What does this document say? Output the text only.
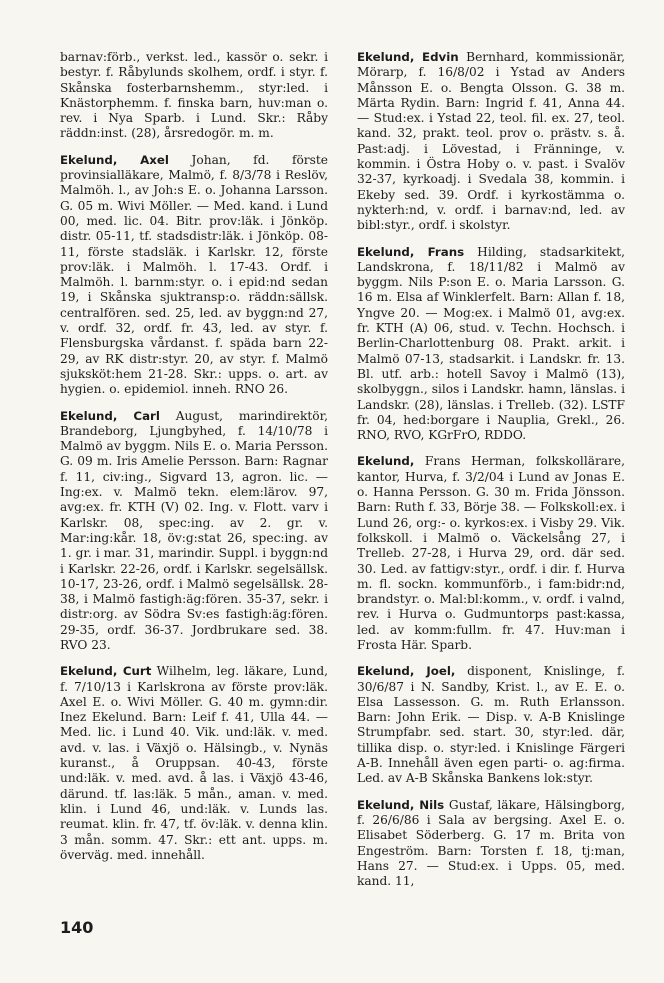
barnav:förb., verkst. led., kassör o. sekr. i bestyr. f. Råbylunds skolhem, ordf. i styr. f. Skånska fosterbarnshemm., styr:led. i Knästorphemm. f. finska barn, huv:man o. rev. i Nya Sparb. i Lund. Skr.: Råby räddn:inst. (28), årsredogör. m. m.

Ekelund, Axel Johan, fd. förste provinsialläkare, Malmö, f. 8/3/78 i Reslöv, Malmöh. l., av Joh:s E. o. Johanna Larsson. G. 05 m. Wivi Möller. — Med. kand. i Lund 00, med. lic. 04. Bitr. prov:läk. i Jönköp. distr. 05-11, tf. stadsdistr:läk. i Jönköp. 08-11, förste stadsläk. i Karlskr. 12, förste prov:läk. i Malmöh. l. 17-43. Ordf. i Malmöh. l. barnm:styr. o. i epid:nd sedan 19, i Skånska sjuktransp:o. räddn:sällsk. centralfören. sed. 25, led. av byggn:nd 27, v. ordf. 32, ordf. fr. 43, led. av styr. f. Flensburgska vårdanst. f. späda barn 22-29, av RK distr:styr. 20, av styr. f. Malmö sjuksköt:hem 21-28. Skr.: upps. o. art. av hygien. o. epidemiol. inneh. RNO 26.

Ekelund, Carl August, marindirektör, Brandeborg, Ljungbyhed, f. 14/10/78 i Malmö av byggm. Nils E. o. Maria Persson. G. 09 m. Iris Amelie Persson. Barn: Ragnar f. 11, civ:ing., Sigvard 13, agron. lic. — Ing:ex. v. Malmö tekn. elem:lärov. 97, avg:ex. fr. KTH (V) 02. Ing. v. Flott. varv i Karlskr. 08, spec:ing. av 2. gr. v. Mar:ing:kår. 18, öv:g:stat 26, spec:ing. av 1. gr. i mar. 31, marindir. Suppl. i byggn:nd i Karlskr. 22-26, ordf. i Karlskr. segelsällsk. 10-17, 23-26, ordf. i Malmö segelsällsk. 28-38, i Malmö fastigh:äg:fören. 35-37, sekr. i distr:org. av Södra Sv:es fastigh:äg:fören. 29-35, ordf. 36-37. Jordbrukare sed. 38. RVO 23.

Ekelund, Curt Wilhelm, leg. läkare, Lund, f. 7/10/13 i Karlskrona av förste prov:läk. Axel E. o. Wivi Möller. G. 40 m. gymn:dir. Inez Ekelund. Barn: Leif f. 41, Ulla 44. — Med. lic. i Lund 40. Vik. und:läk. v. med. avd. v. las. i Växjö o. Hälsingb., v. Nynäs kuranst., å Oruppsan. 40-43, förste und:läk. v. med. avd. å las. i Växjö 43-46, därund. tf. las:läk. 5 mån., aman. v. med. klin. i Lund 46, und:läk. v. Lunds las. reumat. klin. fr. 47, tf. öv:läk. v. denna klin. 3 mån. somm. 47. Skr.: ett ant. upps. m. överväg. med. innehåll.

Ekelund, Edvin Bernhard, kommissionär, Mörarp, f. 16/8/02 i Ystad av Anders Månsson E. o. Bengta Olsson. G. 38 m. Märta Rydin. Barn: Ingrid f. 41, Anna 44. — Stud:ex. i Ystad 22, teol. fil. ex. 27, teol. kand. 32, prakt. teol. prov o. prästv. s. å. Past:adj. i Lövestad, i Fränninge, v. kommin. i Östra Hoby o. v. past. i Svalöv 32-37, kyrkoadj. i Svedala 38, kommin. i Ekeby sed. 39. Ordf. i kyrkostämma o. nykterh:nd, v. ordf. i barnav:nd, led. av bibl:styr., ordf. i skolstyr.

Ekelund, Frans Hilding, stadsarkitekt, Landskrona, f. 18/11/82 i Malmö av byggm. Nils P:son E. o. Maria Larsson. G. 16 m. Elsa af Winklerfelt. Barn: Allan f. 18, Yngve 20. — Mog:ex. i Malmö 01, avg:ex. fr. KTH (A) 06, stud. v. Techn. Hochsch. i Berlin-Charlottenburg 08. Prakt. arkit. i Malmö 07-13, stadsarkit. i Landskr. fr. 13. Bl. utf. arb.: hotell Savoy i Malmö (13), skolbyggn., silos i Landskr. hamn, länslas. i Landskr. (28), länslas. i Trelleb. (32). LSTF fr. 04, hed:borgare i Nauplia, Grekl., 26. RNO, RVO, KGrFrO, RDDO.

Ekelund, Frans Herman, folkskollärare, kantor, Hurva, f. 3/2/04 i Lund av Jonas E. o. Hanna Persson. G. 30 m. Frida Jönsson. Barn: Ruth f. 33, Börje 38. — Folkskoll:ex. i Lund 26, org:- o. kyrkos:ex. i Visby 29. Vik. folkskoll. i Malmö o. Väckelsång 27, i Trelleb. 27-28, i Hurva 29, ord. där sed. 30. Led. av fattigv:styr., ordf. i dir. f. Hurva m. fl. sockn. kommunförb., i fam:bidr:nd, brandstyr. o. Mal:bl:komm., v. ordf. i valnd, rev. i Hurva o. Gudmuntorps past:kassa, led. av komm:fullm. fr. 47. Huv:man i Frosta Här. Sparb.

Ekelund, Joel, disponent, Knislinge, f. 30/6/87 i N. Sandby, Krist. l., av E. E. o. Elsa Lassesson. G. m. Ruth Erlansson. Barn: John Erik. — Disp. v. A-B Knislinge Strumpfabr. sed. start. 30, styr:led. där, tillika disp. o. styr:led. i Knislinge Färgeri A-B. Innehåll även egen parti- o. ag:firma. Led. av A-B Skånska Bankens lok:styr.

Ekelund, Nils Gustaf, läkare, Hälsingborg, f. 26/6/86 i Sala av bergsing. Axel E. o. Elisabet Söderberg. G. 17 m. Brita von Engeström. Barn: Torsten f. 18, tj:man, Hans 27. — Stud:ex. i Upps. 05, med. kand. 11,

140
